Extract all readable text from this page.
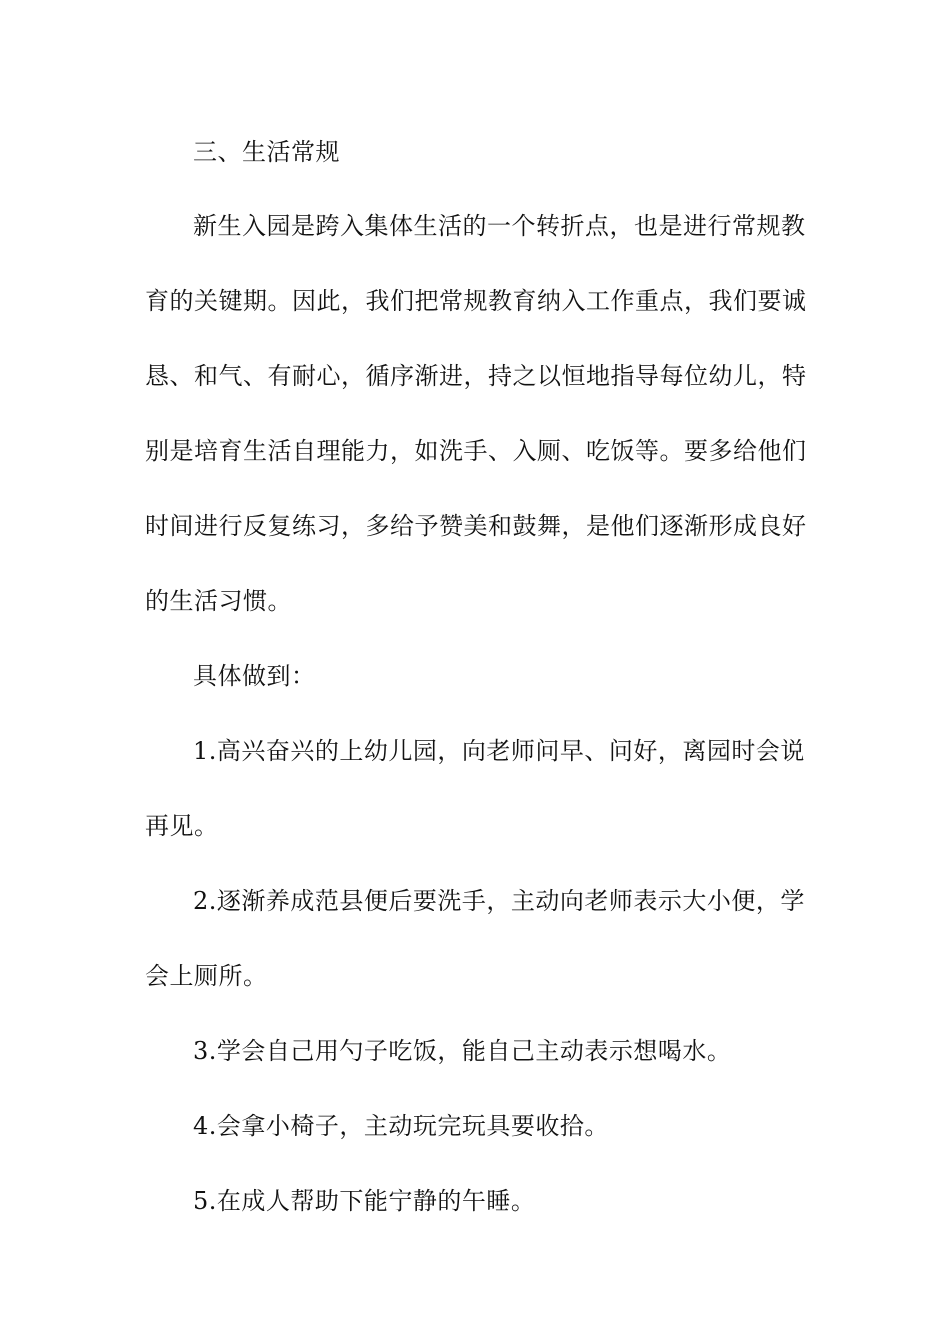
三、生活常规
新生入园是跨入集体生活的一个转折点，也是进行常规教
育的关键期。因此，我们把常规教育纳入工作重点，我们要诚
恳、和气、有耐心，循序渐进，持之以恒地指导每位幼儿，特
别是培育生活自理能力，如洗手、入厕、吃饭等。要多给他们
时间进行反复练习，多给予赞美和鼓舞，是他们逐渐形成良好
的生活习惯。
具体做到：
1.高兴奋兴的上幼儿园，向老师问早、问好，离园时会说
再见。
2.逐渐养成范县便后要洗手，主动向老师表示大小便，学
会上厕所。
3.学会自己用勺子吃饭，能自己主动表示想喝水。
4.会拿小椅子，主动玩完玩具要收拾。
5.在成人帮助下能宁静的午睡。
